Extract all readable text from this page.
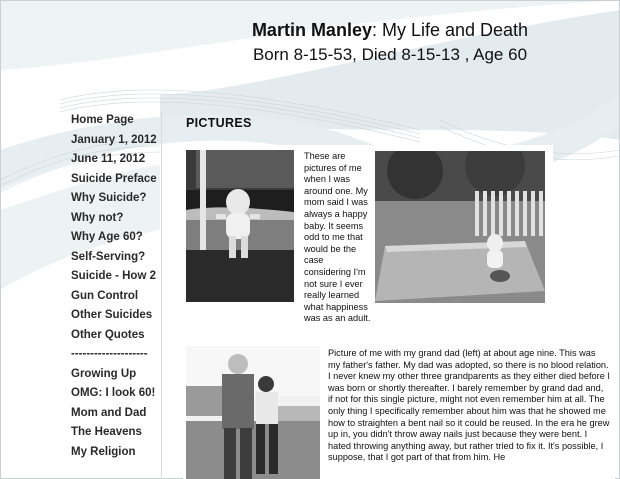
Martin Manley: My Life and Death
Born 8-15-53, Died 8-15-13 , Age 60
Home Page
January 1, 2012
June 11, 2012
Suicide Preface
Why Suicide?
Why not?
Why Age 60?
Self-Serving?
Suicide - How 2
Gun Control
Other Suicides
Other Quotes
--------------------
Growing Up
OMG: I look 60!
Mom and Dad
The Heavens
My Religion
PICTURES
These are pictures of me when I was around one. My mom said I was always a happy baby. It seems odd to me that would be the case considering I'm not sure I ever really learned what happiness was as an adult.
Picture of me with my grand dad (left) at about age nine. This was my father's father. My dad was adopted, so there is no blood relation. I never knew my other three grandparents as they either died before I was born or shortly thereafter. I barely remember by grand dad and, if not for this single picture, might not even remember him at all. The only thing I specifically remember about him was that he showed me how to straighten a bent nail so it could be reused. In the era he grew up in, you didn't throw away nails just because they were bent. I hated throwing anything away, but rather tried to fix it. It's possible, I suppose, that I got part of that from him. He
